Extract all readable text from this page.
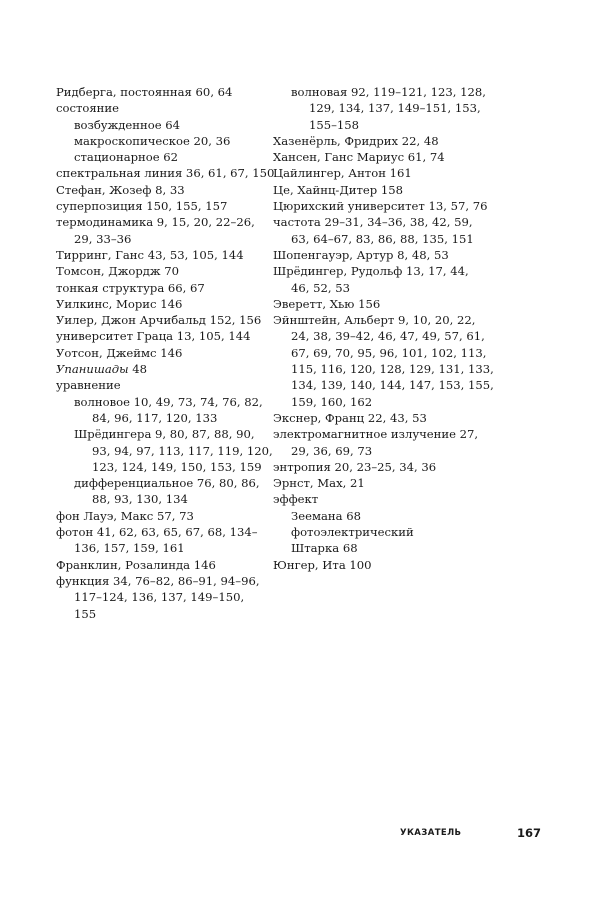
Ридберга, постоянная 60, 64
состояние
возбужденное 64
макроскопическое 20, 36
стационарное 62
спектральная линия 36, 61, 67, 150
Стефан, Жозеф 8, 33
суперпозиция 150, 155, 157
термодинамика 9, 15, 20, 22–26,
29, 33–36
Тирринг, Ганс 43, 53, 105, 144
Томсон, Джордж 70
тонкая структура 66, 67
Уилкинс, Морис 146
Уилер, Джон Арчибальд 152, 156
университет Граца 13, 105, 144
Уотсон, Джеймс 146
Упанишады 48
уравнение
волновое 10, 49, 73, 74, 76, 82,
84, 96, 117, 120, 133
Шрёдингера 9, 80, 87, 88, 90,
93, 94, 97, 113, 117, 119, 120,
123, 124, 149, 150, 153, 159
дифференциальное 76, 80, 86,
88, 93, 130, 134
фон Лауэ, Макс 57, 73
фотон 41, 62, 63, 65, 67, 68, 134–
136, 157, 159, 161
Франклин, Розалинда 146
функция 34, 76–82, 86–91, 94–96,
117–124, 136, 137, 149–150,
155
волновая 92, 119–121, 123, 128,
129, 134, 137, 149–151, 153,
155–158
Хазенёрль, Фридрих 22, 48
Хансен, Ганс Мариус 61, 74
Цайлингер, Антон 161
Це, Хайнц-Дитер 158
Цюрихский университет 13, 57, 76
частота 29–31, 34–36, 38, 42, 59,
63, 64–67, 83, 86, 88, 135, 151
Шопенгауэр, Артур 8, 48, 53
Шрёдингер, Рудольф 13, 17, 44,
46, 52, 53
Эверетт, Хью 156
Эйнштейн, Альберт 9, 10, 20, 22,
24, 38, 39–42, 46, 47, 49, 57, 61,
67, 69, 70, 95, 96, 101, 102, 113,
115, 116, 120, 128, 129, 131, 133,
134, 139, 140, 144, 147, 153, 155,
159, 160, 162
Экснер, Франц 22, 43, 53
электромагнитное излучение 27,
29, 36, 69, 73
энтропия 20, 23–25, 34, 36
Эрнст, Мах, 21
эффект
Зеемана 68
фотоэлектрический
Штарка 68
Юнгер, Ита 100
УКАЗАТЕЛЬ	167
